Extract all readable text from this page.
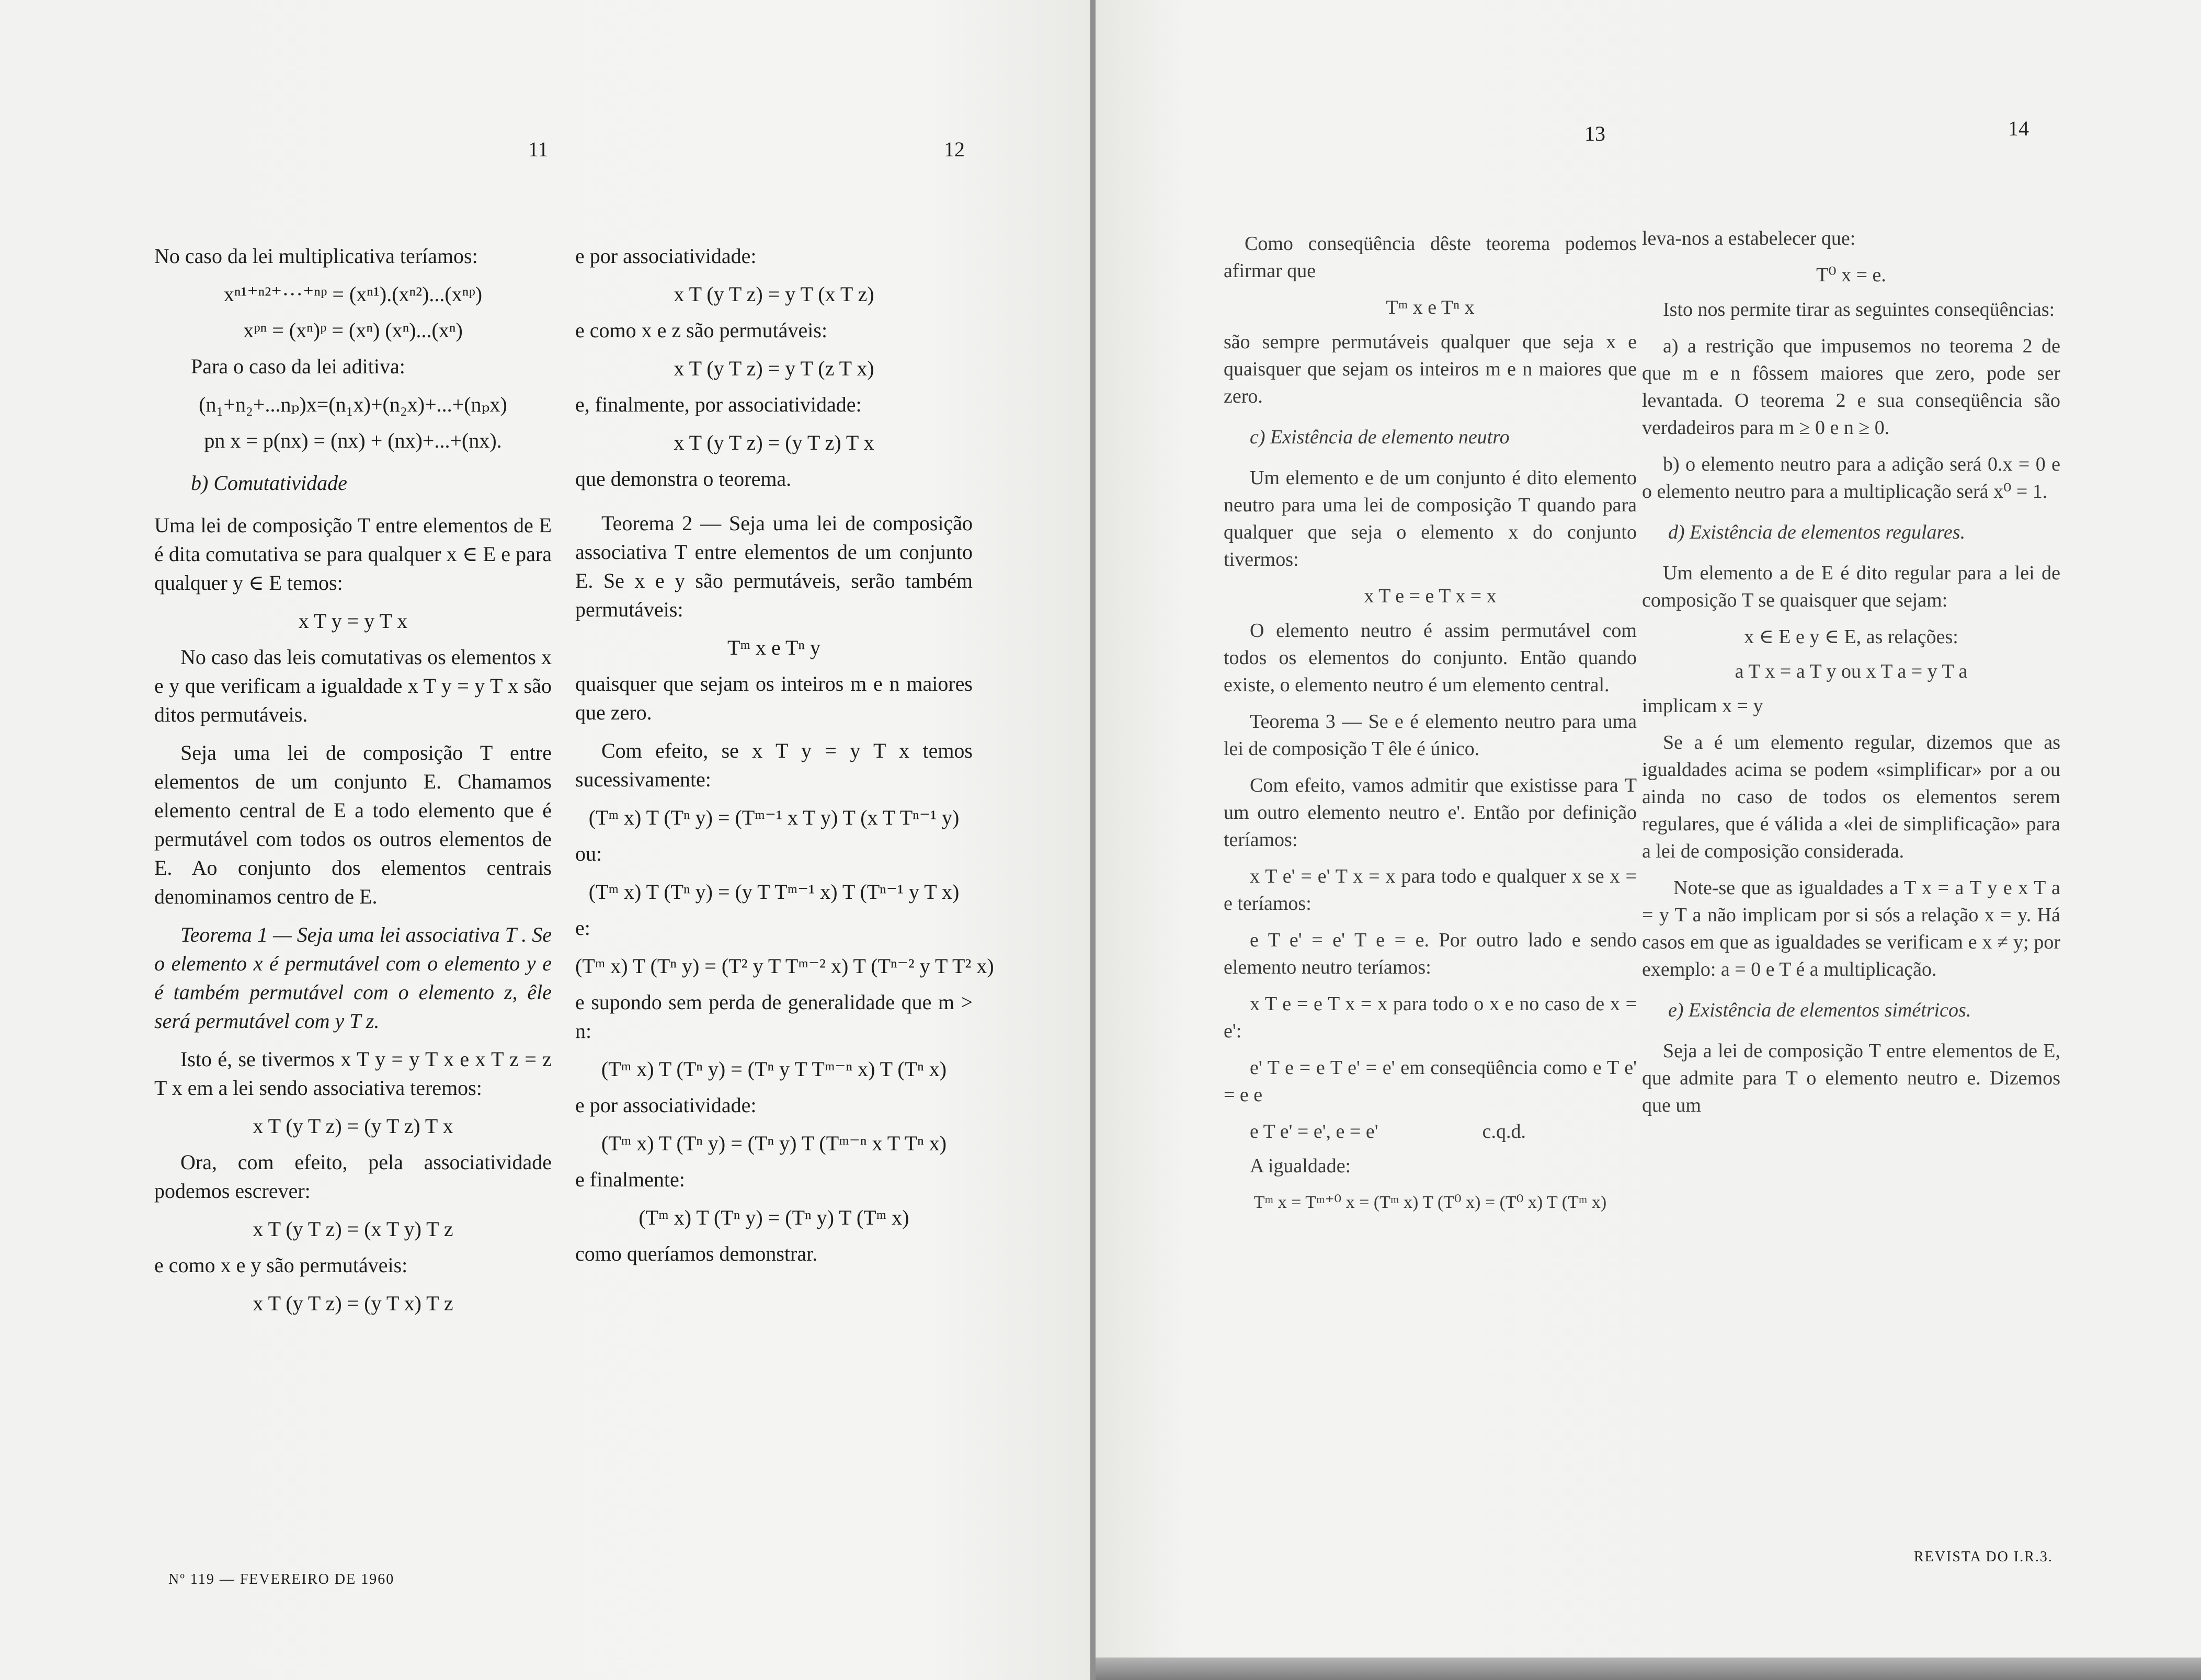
11	12
13	14

No caso da lei multiplicativa teríamos:

xⁿ¹⁺ⁿ²⁺···⁺ⁿᵖ = (xⁿ¹).(xⁿ²)...(xⁿᵖ)
xᵖⁿ = (xⁿ)ᵖ = (xⁿ) (xⁿ)...(xⁿ)

Para o caso da lei aditiva:

(n₁+n₂+...nₚ)x=(n₁x)+(n₂x)+...+(nₚx)
pn x = p(nx) = (nx) + (nx)+...+(nx).
b) Comutatividade

Uma lei de composição T entre elementos de E é dita comutativa se para qualquer x ∈ E e para qualquer y ∈ E temos:

x T y = y T x

No caso das leis comutativas os elementos x e y que verificam a igualdade x T y = y T x são ditos permutáveis.

Seja uma lei de composição T entre elementos de um conjunto E. Chamamos elemento central de E a todo elemento que é permutável com todos os outros elementos de E. Ao conjunto dos elementos centrais denominamos centro de E.

Teorema 1 — Seja uma lei associativa T . Se o elemento x é permutável com o elemento y e é também permutável com o elemento z, êle será permutável com y T z.

Isto é, se tivermos x T y = y T x e x T z = z T x em a lei sendo associativa teremos:

x T (y T z) = (y T z) T x

Ora, com efeito, pela associatividade podemos escrever:

x T (y T z) = (x T y) T z

e como x e y são permutáveis:

x T (y T z) = (y T x) T z

e por associatividade:

x T (y T z) = y T (x T z)

e como x e z são permutáveis:

x T (y T z) = y T (z T x)

e, finalmente, por associatividade:

x T (y T z) = (y T z) T x

que demonstra o teorema.

Teorema 2 — Seja uma lei de composição associativa T entre elementos de um conjunto E. Se x e y são permutáveis, serão também permutáveis:

Tᵐ x e Tⁿ y

quaisquer que sejam os inteiros m e n maiores que zero.

Com efeito, se x T y = y T x temos sucessivamente:

(Tᵐ x) T (Tⁿ y) = (Tᵐ⁻¹ x T y) T (x T Tⁿ⁻¹ y)

ou:

(Tᵐ x) T (Tⁿ y) = (y T Tᵐ⁻¹ x) T (Tⁿ⁻¹ y T x)

e:

(Tᵐ x) T (Tⁿ y) = (T² y T Tᵐ⁻² x) T (Tⁿ⁻² y T T² x)

e supondo sem perda de generalidade que m > n:

(Tᵐ x) T (Tⁿ y) = (Tⁿ y T Tᵐ⁻ⁿ x) T (Tⁿ x)

e por associatividade:

(Tᵐ x) T (Tⁿ y) = (Tⁿ y) T (Tᵐ⁻ⁿ x T Tⁿ x)

e finalmente:

(Tᵐ x) T (Tⁿ y) = (Tⁿ y) T (Tᵐ x)

como queríamos demonstrar.

Como conseqüência dêste teorema podemos afirmar que

Tᵐ x e Tⁿ x

são sempre permutáveis qualquer que seja x e quaisquer que sejam os inteiros m e n maiores que zero.

c) Existência de elemento neutro

Um elemento e de um conjunto é dito elemento neutro para uma lei de composição T quando para qualquer que seja o elemento x do conjunto tivermos:

x T e = e T x = x

O elemento neutro é assim permutável com todos os elementos do conjunto. Então quando existe, o elemento neutro é um elemento central.

Teorema 3 — Se e é elemento neutro para uma lei de composição T êle é único.

Com efeito, vamos admitir que existisse para T um outro elemento neutro e'. Então por definição teríamos:

x T e' = e' T x = x para todo e qualquer x se x = e teríamos:

e T e' = e' T e = e. Por outro lado e sendo elemento neutro teríamos:

x T e = e T x = x para todo o x e no caso de x = e':

e' T e = e T e' = e' em conseqüência como e T e' = e e

e T e' = e', e = e'	c.q.d.

A igualdade:

Tᵐ x = Tᵐ⁺⁰ x = (Tᵐ x) T (T⁰ x) = (T⁰ x) T (Tᵐ x)

leva-nos a estabelecer que:

T⁰ x = e.

Isto nos permite tirar as seguintes conseqüências:

a) a restrição que impusemos no teorema 2 de que m e n fôssem maiores que zero, pode ser levantada. O teorema 2 e sua conseqüência são verdadeiros para m ≥ 0 e n ≥ 0.

b) o elemento neutro para a adição será 0.x = 0 e o elemento neutro para a multiplicação será x⁰ = 1.

d) Existência de elementos regulares.

Um elemento a de E é dito regular para a lei de composição T se quaisquer que sejam:

x ∈ E e y ∈ E, as relações:
a T x = a T y ou x T a = y T a

implicam x = y

Se a é um elemento regular, dizemos que as igualdades acima se podem «simplificar» por a ou ainda no caso de todos os elementos serem regulares, que é válida a «lei de simplificação» para a lei de composição considerada.

Note-se que as igualdades a T x = a T y e x T a = y T a não implicam por si sós a relação x = y. Há casos em que as igualdades se verificam e x ≠ y; por exemplo: a = 0 e T é a multiplicação.

e) Existência de elementos simétricos.

Seja a lei de composição T entre elementos de E, que admite para T o elemento neutro e. Dizemos que um

Nº 119 — FEVEREIRO DE 1960
REVISTA DO I.R.3.
